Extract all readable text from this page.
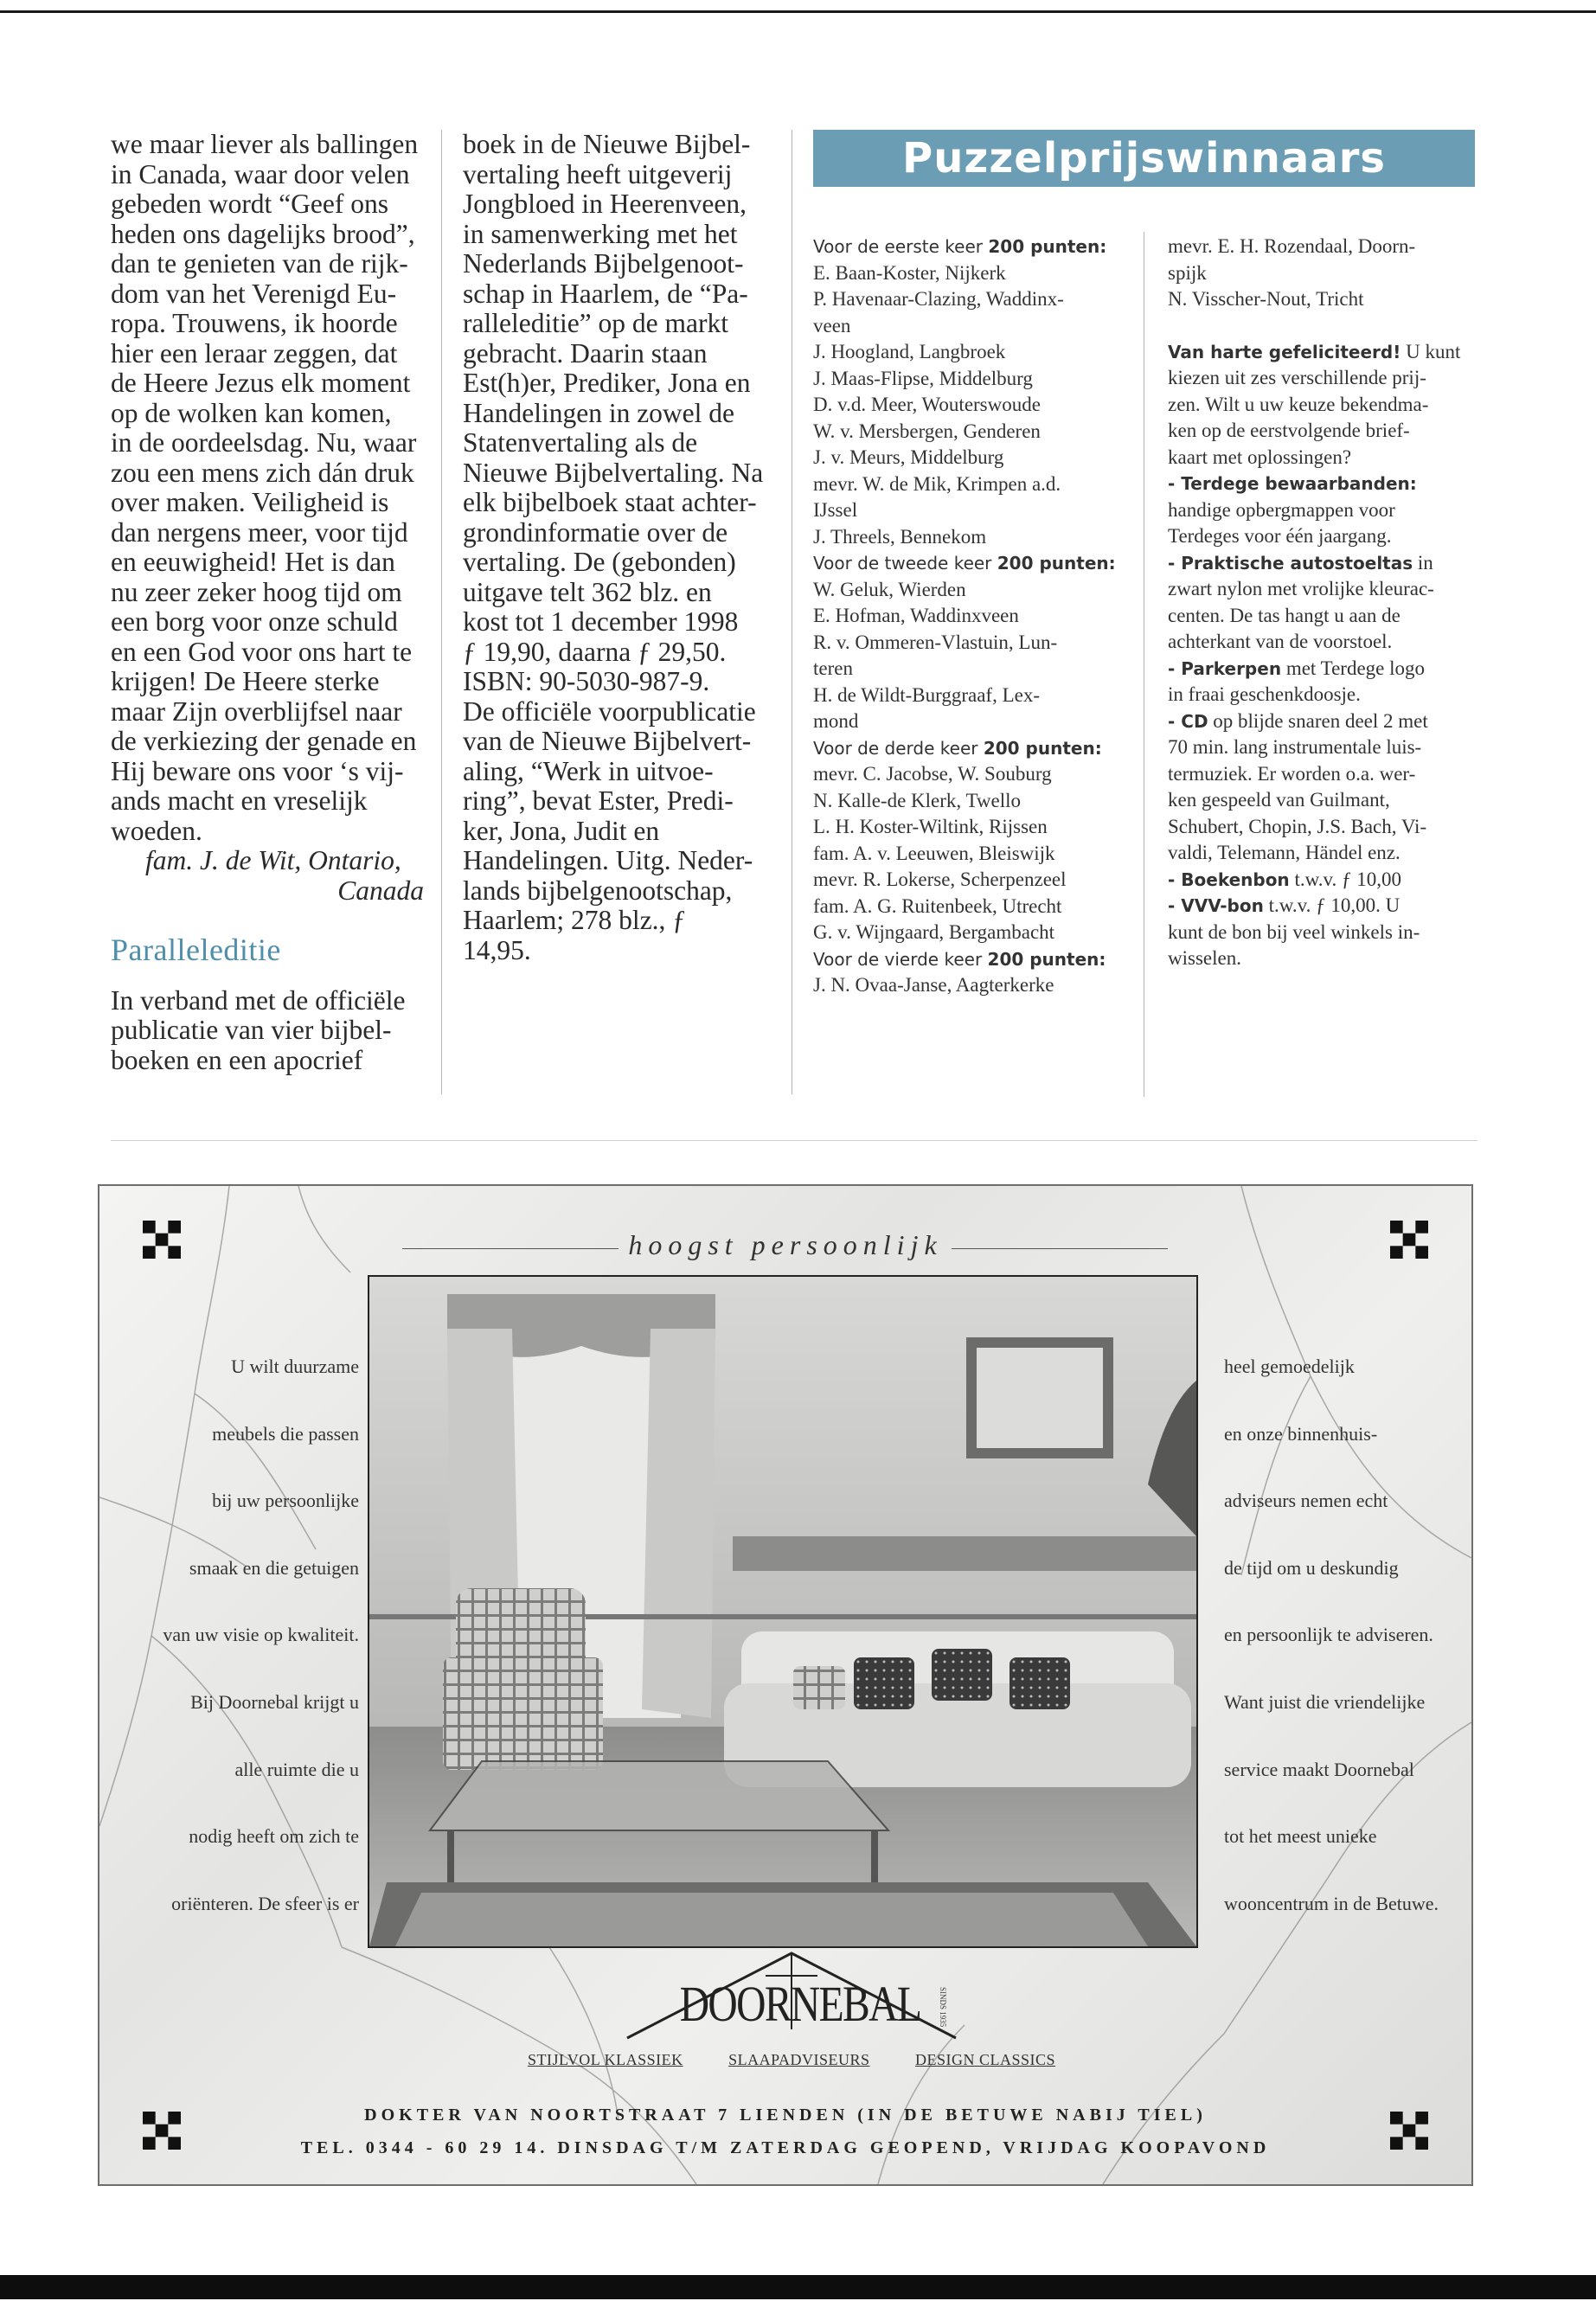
we maar liever als ballingen

in Canada, waar door velen

gebeden wordt “Geef ons

heden ons dagelijks brood”,

dan te genieten van de rijk-

dom van het Verenigd Eu-

ropa. Trouwens, ik hoorde

hier een leraar zeggen, dat

de Heere Jezus elk moment

op de wolken kan komen,

in de oordeelsdag. Nu, waar

zou een mens zich dán druk

over maken. Veiligheid is

dan nergens meer, voor tijd

en eeuwigheid! Het is dan

nu zeer zeker hoog tijd om

een borg voor onze schuld

en een God voor ons hart te

krijgen! De Heere sterke

maar Zijn overblijfsel naar

de verkiezing der genade en

Hij beware ons voor ‘s vij-

ands macht en vreselijk

woeden.

fam. J. de Wit, Ontario,

Canada

Paralleleditie

In verband met de officiële

publicatie van vier bijbel-

boeken en een apocrief

boek in de Nieuwe Bijbel-

vertaling heeft uitgeverij

Jongbloed in Heerenveen,

in samenwerking met het

Nederlands Bijbelgenoot-

schap in Haarlem, de “Pa-

ralleleditie” op de markt

gebracht. Daarin staan

Est(h)er, Prediker, Jona en

Handelingen in zowel de

Statenvertaling als de

Nieuwe Bijbelvertaling. Na

elk bijbelboek staat achter-

grondinformatie over de

vertaling. De (gebonden)

uitgave telt 362 blz. en

kost tot 1 december 1998

ƒ 19,90, daarna ƒ 29,50.

ISBN: 90-5030-987-9.

De officiële voorpublicatie

van de Nieuwe Bijbelvert-

aling, “Werk in uitvoe-

ring”, bevat Ester, Predi-

ker, Jona, Judit en

Handelingen. Uitg. Neder-

lands bijbelgenootschap,

Haarlem; 278 blz., ƒ

14,95.

Puzzelprijswinnaars
Voor de eerste keer 200 punten:
E. Baan-Koster, Nijkerk
P. Havenaar-Clazing, Waddinx-
veen
J. Hoogland, Langbroek
J. Maas-Flipse, Middelburg
D. v.d. Meer, Wouterswoude
W. v. Mersbergen, Genderen
J. v. Meurs, Middelburg
mevr. W. de Mik, Krimpen a.d.
IJssel
J. Threels, Bennekom
Voor de tweede keer 200 punten:
W. Geluk, Wierden
E. Hofman, Waddinxveen
R. v. Ommeren-Vlastuin, Lun-
teren
H. de Wildt-Burggraaf, Lex-
mond
Voor de derde keer 200 punten:
mevr. C. Jacobse, W. Souburg
N. Kalle-de Klerk, Twello
L. H. Koster-Wiltink, Rijssen
fam. A. v. Leeuwen, Bleiswijk
mevr. R. Lokerse, Scherpenzeel
fam. A. G. Ruitenbeek, Utrecht
G. v. Wijngaard, Bergambacht
Voor de vierde keer 200 punten:
J. N. Ovaa-Janse, Aagterkerke
mevr. E. H. Rozendaal, Doorn-
spijk
N. Visscher-Nout, Tricht
Van harte gefeliciteerd! U kunt
kiezen uit zes verschillende prij-
zen. Wilt u uw keuze bekendma-
ken op de eerstvolgende brief-
kaart met oplossingen?
- Terdege bewaarbanden:
handige opbergmappen voor
Terdeges voor één jaargang.
- Praktische autostoeltas in
zwart nylon met vrolijke kleurac-
centen. De tas hangt u aan de
achterkant van de voorstoel.
- Parkerpen met Terdege logo
in fraai geschenkdoosje.
- CD op blijde snaren deel 2 met
70 min. lang instrumentale luis-
termuziek. Er worden o.a. wer-
ken gespeeld van Guilmant,
Schubert, Chopin, J.S. Bach, Vi-
valdi, Telemann, Händel enz.
- Boekenbon t.w.v. ƒ 10,00
- VVV-bon t.w.v. ƒ 10,00. U
kunt de bon bij veel winkels in-
wisselen.
hoogst persoonlijk
U wilt duurzame
meubels die passen
bij uw persoonlijke
smaak en die getuigen
van uw visie op kwaliteit.
Bij Doornebal krijgt u
alle ruimte die u
nodig heeft om zich te
oriënteren. De sfeer is er
heel gemoedelijk
en onze binnenhuis-
adviseurs nemen echt
de tijd om u deskundig
en persoonlijk te adviseren.
Want juist die vriendelijke
service maakt Doornebal
tot het meest unieke
wooncentrum in de Betuwe.
DOORNEBAL SINDS 1935
STIJLVOL KLASSIEK	SLAAPADVISEURS	DESIGN CLASSICS
DOKTER VAN NOORTSTRAAT 7 LIENDEN (IN DE BETUWE NABIJ TIEL)
TEL. 0344 - 60 29 14. DINSDAG T/M ZATERDAG GEOPEND, VRIJDAG KOOPAVOND
